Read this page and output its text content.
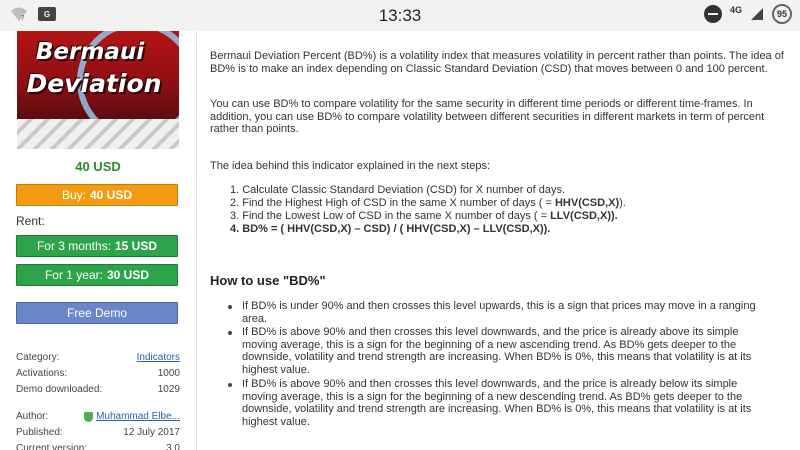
? G	13:33	4G	95
Bermaui
Deviation
40 USD
Buy: 40 USD
Rent:
For 3 months: 15 USD
For 1 year: 30 USD
Free Demo
Category:	Indicators
Activations:	1000
Demo downloaded:	1029
Author:	Muhammad Elbe...
Published:	12 July 2017
Current version:	3.0
Bermaui Deviation Percent (BD%) is a volatility index that measures volatility in percent rather than points. The idea of BD% is to make an index depending on Classic Standard Deviation (CSD) that moves between 0 and 100 percent.
You can use BD% to compare volatility for the same security in different time periods or different time-frames. In addition, you can use BD% to compare volatility between different securities in different markets in term of percent rather than points.
The idea behind this indicator explained in the next steps:
1. Calculate Classic Standard Deviation (CSD) for X number of days.
2. Find the Highest High of CSD in the same X number of days ( = HHV(CSD,X)).
3. Find the Lowest Low of CSD in the same X number of days ( = LLV(CSD,X)).
4. BD% = ( HHV(CSD,X) – CSD) / ( HHV(CSD,X) – LLV(CSD,X)).
How to use "BD%"
If BD% is under 90% and then crosses this level upwards, this is a sign that prices may move in a ranging area.
If BD% is above 90% and then crosses this level downwards, and the price is already above its simple moving average, this is a sign for the beginning of a new ascending trend. As BD% gets deeper to the downside, volatility and trend strength are increasing. When BD% is 0%, this means that volatility is at its highest value.
If BD% is above 90% and then crosses this level downwards, and the price is already below its simple moving average, this is a sign for the beginning of a new descending trend. As BD% gets deeper to the downside, volatility and trend strength are increasing. When BD% is 0%, this means that volatility is at its highest value.
